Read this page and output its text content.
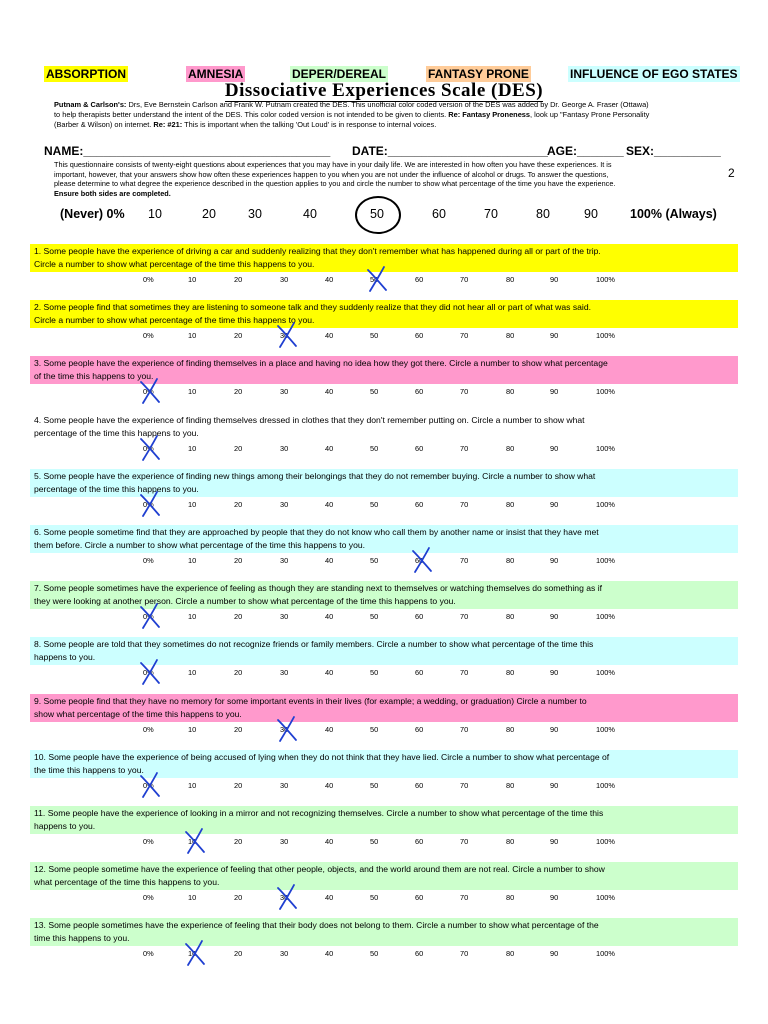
ABSORPTION	AMNESIA	DEPER/DEREAL	FANTASY PRONE	INFLUENCE OF EGO STATES
Dissociative Experiences Scale (DES)
Putnam & Carlson's: Drs, Eve Bernstein Carlson and Frank W. Putnam created the DES. This unofficial color coded version of the DES was added by Dr. George A. Fraser (Ottawa)
to help therapists better understand the intent of the DES. This color coded version is not intended to be given to clients. Re: Fantasy Proneness, look up "Fantasy Prone Personality
(Barber & Wilson) on internet. Re: #21: This is important when the talking 'Out Loud' is in response to internal voices.
NAME:_____________________________________ DATE:________________________ AGE:_______ SEX:__________
This questionnaire consists of twenty-eight questions about experiences that you may have in your daily life. We are interested in how often you have these experiences. It is
important, however, that your answers show how often these experiences happen to you when you are not under the influence of alcohol or drugs. To answer the questions,
please determine to what degree the experience described in the question applies to you and circle the number to show what percentage of the time you have the experience.
Ensure both sides are completed.
2
(Never) 0% 10	20	30	40	50	60	70	80	90	100% (Always)
1. Some people have the experience of driving a car and suddenly realizing that they don't remember what has happened during all or part of the trip.
Circle a number to show what percentage of the time this happens to you.
0%	10	20	30	40	50	60	70	80	90	100%
2. Some people find that sometimes they are listening to someone talk and they suddenly realize that they did not hear all or part of what was said.
Circle a number to show what percentage of the time this happens to you.
0%	10	20	30	40	50	60	70	80	90	100%
3. Some people have the experience of finding themselves in a place and having no idea how they got there. Circle a number to show what percentage
of the time this happens to you.
0%	10	20	30	40	50	60	70	80	90	100%
4. Some people have the experience of finding themselves dressed in clothes that they don't remember putting on. Circle a number to show what
percentage of the time this happens to you.
0%	10	20	30	40	50	60	70	80	90	100%
5. Some people have the experience of finding new things among their belongings that they do not remember buying. Circle a number to show what
percentage of the time this happens to you.
0%	10	20	30	40	50	60	70	80	90	100%
6. Some people sometime find that they are approached by people that they do not know who call them by another name or insist that they have met
them before. Circle a number to show what percentage of the time this happens to you.
0%	10	20	30	40	50	60	70	80	90	100%
7. Some people sometimes have the experience of feeling as though they are standing next to themselves or watching themselves do something as if
they were looking at another person. Circle a number to show what percentage of the time this happens to you.
0%	10	20	30	40	50	60	70	80	90	100%
8. Some people are told that they sometimes do not recognize friends or family members. Circle a number to show what percentage of the time this
happens to you.
0%	10	20	30	40	50	60	70	80	90	100%
9. Some people find that they have no memory for some important events in their lives (for example; a wedding, or graduation) Circle a number to
show what percentage of the time this happens to you.
0%	10	20	30	40	50	60	70	80	90	100%
10. Some people have the experience of being accused of lying when they do not think that they have lied. Circle a number to show what percentage of
the time this happens to you.
0%	10	20	30	40	50	60	70	80	90	100%
11. Some people have the experience of looking in a mirror and not recognizing themselves. Circle a number to show what percentage of the time this
happens to you.
0%	10	20	30	40	50	60	70	80	90	100%
12. Some people sometime have the experience of feeling that other people, objects, and the world around them are not real. Circle a number to show
what percentage of the time this happens to you.
0%	10	20	30	40	50	60	70	80	90	100%
13. Some people sometimes have the experience of feeling that their body does not belong to them. Circle a number to show what percentage of the
time this happens to you.
0%	10	20	30	40	50	60	70	80	90	100%
